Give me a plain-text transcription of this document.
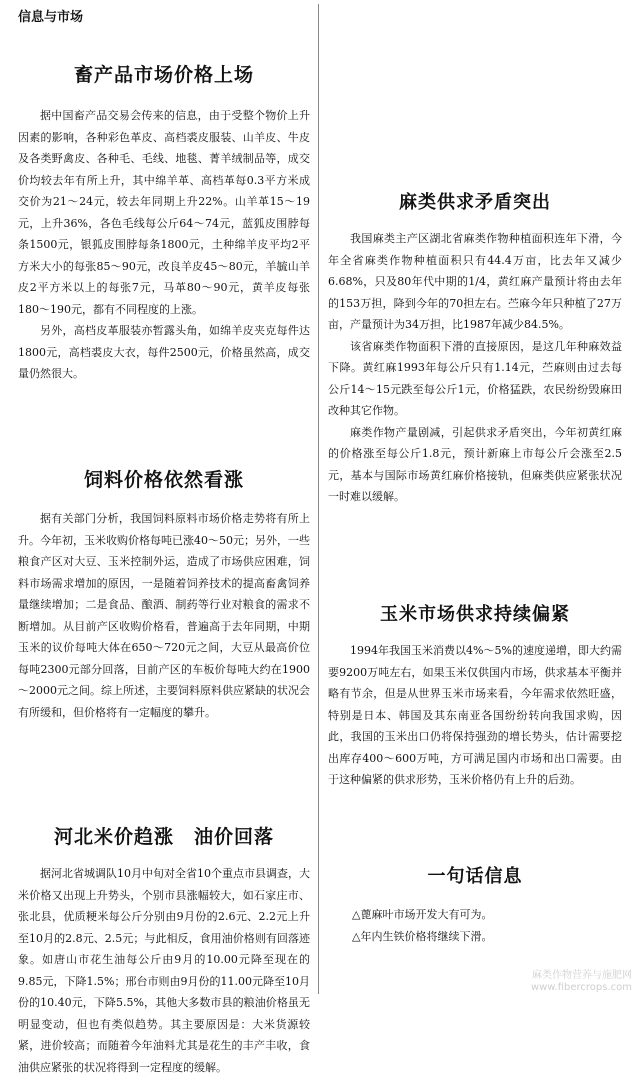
信息与市场
畜产品市场价格上场

据中国畜产品交易会传来的信息，由于受整个物价上升因素的影响，各种彩色革皮、高档裘皮服装、山羊皮、牛皮及各类野禽皮、各种毛、毛线、地毯、菁羊绒制品等，成交价均较去年有所上升，其中绵羊革、高档革每0.3平方米成交价为21～24元，较去年同期上升22%。山羊革15～19元，上升36%，各色毛线每公斤64～74元，蓝狐皮围脖每条1500元，银狐皮围脖每条1800元，土种绵羊皮平均2平方米大小的每张85～90元，改良羊皮45～80元，羊毓山羊皮2平方米以上的每张7元，马革80～90元，黄羊皮每张180～190元，都有不同程度的上涨。

另外，高档皮革服装亦暂露头角，如绵羊皮夹克每件达1800元，高档裘皮大衣，每件2500元，价格虽然高，成交量仍然很大。

饲料价格依然看涨

据有关部门分析，我国饲料原料市场价格走势将有所上升。今年初，玉米收购价格每吨已涨40～50元；另外，一些粮食产区对大豆、玉米控制外运，造成了市场供应困难，饲料市场需求增加的原因，一是随着饲养技术的提高畜禽饲养量继续增加；二是食品、酿酒、制药等行业对粮食的需求不断增加。从目前产区收购价格看，普遍高于去年同期，中期玉米的议价每吨大体在650～720元之间，大豆从最高价位每吨2300元部分回落，目前产区的车板价每吨大约在1900～2000元之间。综上所述，主要饲料原料供应紧缺的状况会有所缓和，但价格将有一定幅度的攀升。

河北米价趋涨　油价回落

据河北省城调队10月中旬对全省10个重点市县调查，大米价格又出现上升势头，个别市县涨幅较大，如石家庄市、张北县，优质粳米每公斤分别由9月份的2.6元、2.2元上升至10月的2.8元、2.5元；与此相反，食用油价格则有回落迹象。如唐山市花生油每公斤由9月的10.00元降至现在的9.85元，下降1.5%；邢台市则由9月份的11.00元降至10月份的10.40元，下降5.5%，其他大多数市县的粮油价格虽无明显变动，但也有类似趋势。其主要原因是：大米货源较紧，进价较高；而随着今年油料尤其是花生的丰产丰收，食油供应紧张的状况将得到一定程度的缓解。

麻类供求矛盾突出

我国麻类主产区湖北省麻类作物种植面积连年下滑，今年全省麻类作物种植面积只有44.4万亩，比去年又减少6.68%，只及80年代中期的1/4，黄红麻产量预计将由去年的153万担，降到今年的70担左右。苎麻今年只种植了27万亩，产量预计为34万担，比1987年减少84.5%。

该省麻类作物面积下滑的直接原因，是这几年种麻效益下降。黄红麻1993年每公斤只有1.14元，苎麻则由过去每公斤14～15元跌至每公斤1元，价格猛跌，农民纷纷毁麻田改种其它作物。

麻类作物产量剧减，引起供求矛盾突出，今年初黄红麻的价格涨至每公斤1.8元，预计新麻上市每公斤会涨至2.5元，基本与国际市场黄红麻价格接轨，但麻类供应紧张状况一时难以缓解。

玉米市场供求持续偏紧

1994年我国玉米消费以4%～5%的速度递增，即大约需要9200万吨左右，如果玉米仅供国内市场，供求基本平衡并略有节余，但是从世界玉米市场来看，今年需求依然旺盛，特别是日本、韩国及其东南亚各国纷纷转向我国求购，因此，我国的玉米出口仍将保持强劲的增长势头，估计需要挖出库存400～600万吨，方可满足国内市场和出口需要。由于这种偏紧的供求形势，玉米价格仍有上升的后劲。

一句话信息

△蓖麻叶市场开发大有可为。

△年内生铁价格将继续下滑。

麻类作物营养与施肥网
www.fibercrops.com
